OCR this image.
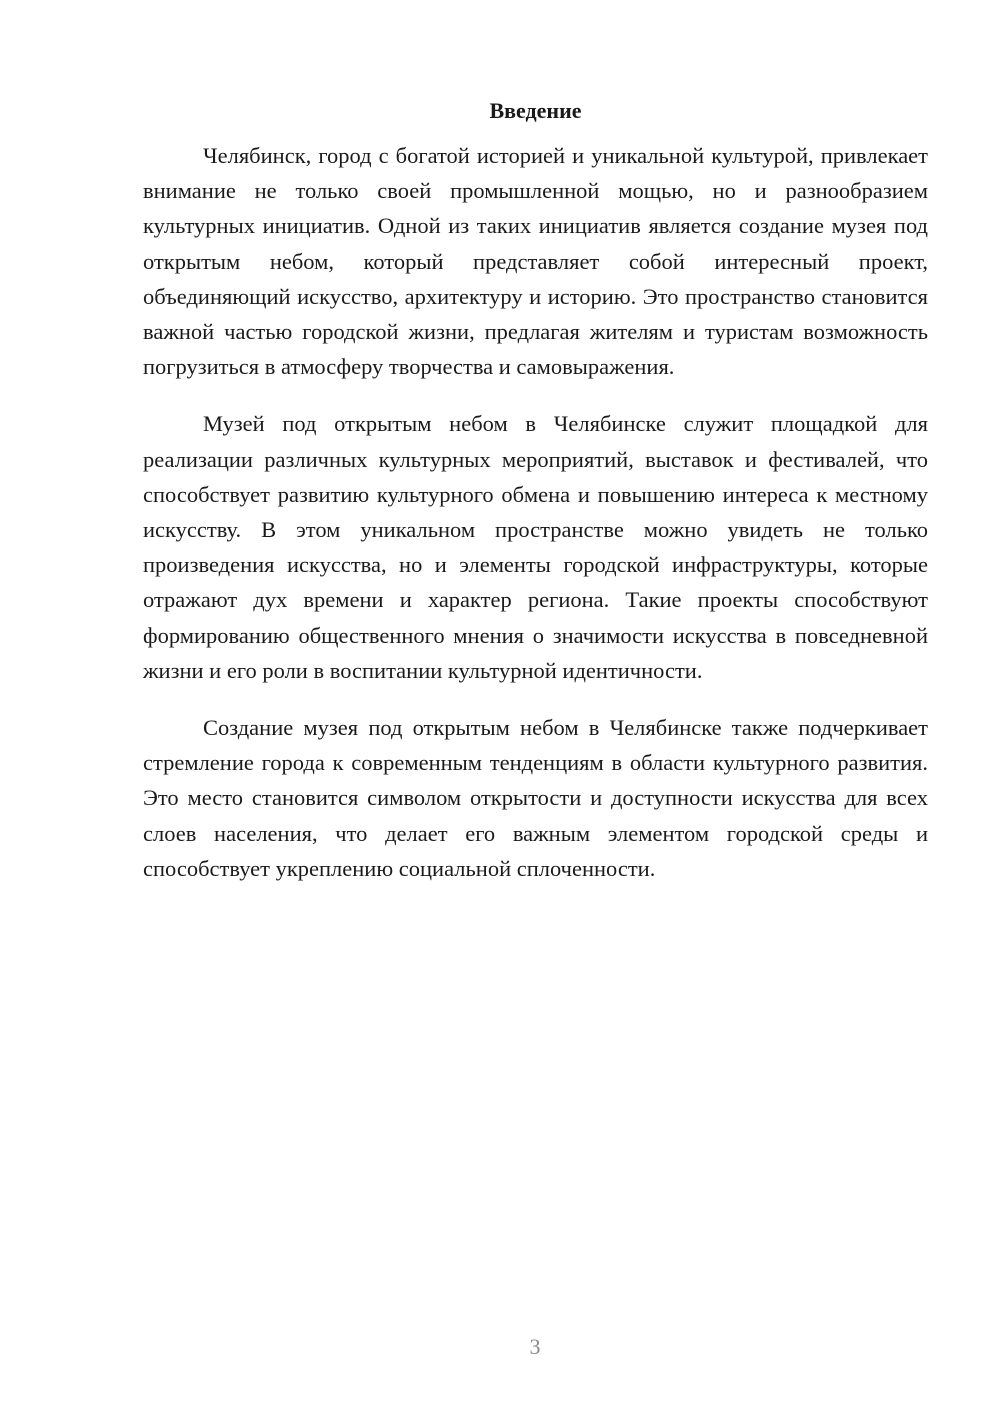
Введение

Челябинск, город с богатой историей и уникальной культурой, привлекает внимание не только своей промышленной мощью, но и разнообразием культурных инициатив. Одной из таких инициатив является создание музея под открытым небом, который представляет собой интересный проект, объединяющий искусство, архитектуру и историю. Это пространство становится важной частью городской жизни, предлагая жителям и туристам возможность погрузиться в атмосферу творчества и самовыражения.

Музей под открытым небом в Челябинске служит площадкой для реализации различных культурных мероприятий, выставок и фестивалей, что способствует развитию культурного обмена и повышению интереса к местному искусству. В этом уникальном пространстве можно увидеть не только произведения искусства, но и элементы городской инфраструктуры, которые отражают дух времени и характер региона. Такие проекты способствуют формированию общественного мнения о значимости искусства в повседневной жизни и его роли в воспитании культурной идентичности.

Создание музея под открытым небом в Челябинске также подчеркивает стремление города к современным тенденциям в области культурного развития. Это место становится символом открытости и доступности искусства для всех слоев населения, что делает его важным элементом городской среды и способствует укреплению социальной сплоченности.

3
